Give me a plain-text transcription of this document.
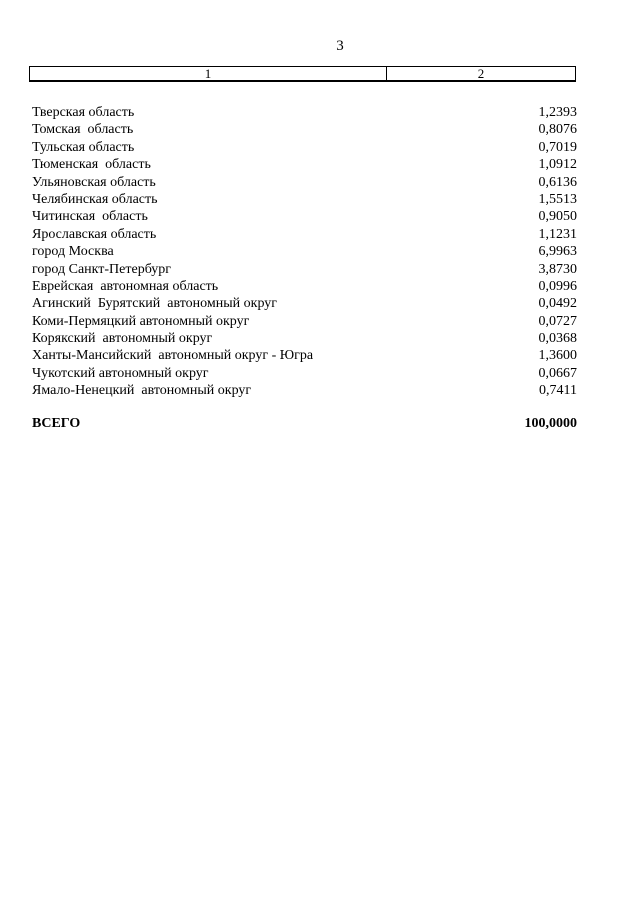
3
1	2
Тверская область	1,2393
Томская  область	0,8076
Тульская область	0,7019
Тюменская  область	1,0912
Ульяновская область	0,6136
Челябинская область	1,5513
Читинская  область	0,9050
Ярославская область	1,1231
город Москва	6,9963
город Санкт-Петербург	3,8730
Еврейская  автономная область	0,0996
Агинский  Бурятский  автономный округ	0,0492
Коми-Пермяцкий автономный округ	0,0727
Корякский  автономный округ	0,0368
Ханты-Мансийский  автономный округ - Югра	1,3600
Чукотский автономный округ	0,0667
Ямало-Ненецкий  автономный округ	0,7411
ВСЕГО	100,0000
